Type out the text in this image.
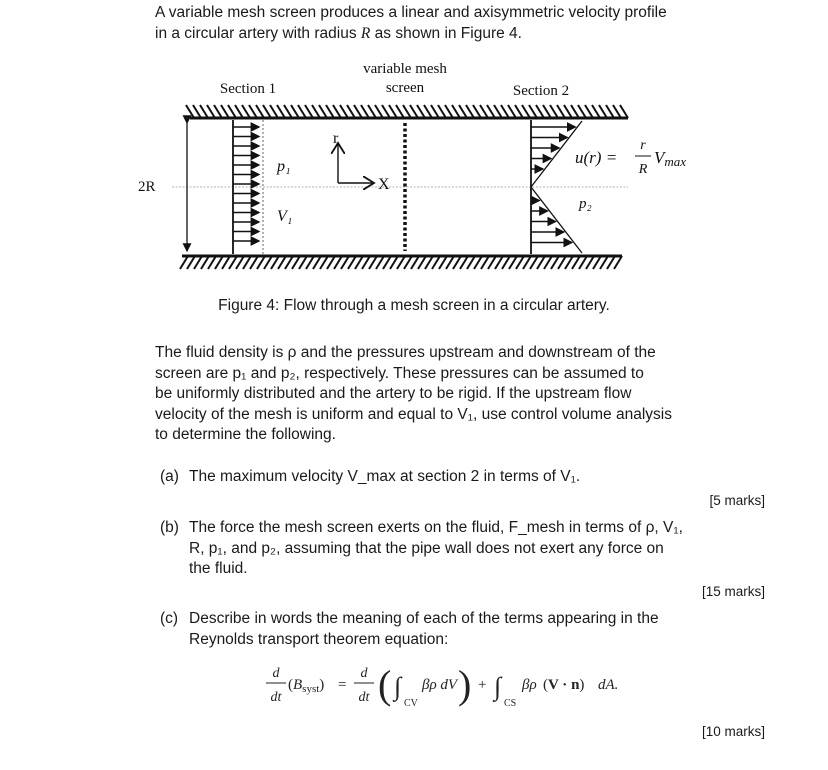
A variable mesh screen produces a linear and axisymmetric velocity profile
in a circular artery with radius R as shown in Figure 4.
variable mesh
screen
Section 1	Section 2
2R
p₁
V₁
r
X
p₂
u(r) =
r
R
Vmax
Figure 4: Flow through a mesh screen in a circular artery.
The fluid density is ρ and the pressures upstream and downstream of the
screen are p₁ and p₂, respectively. These pressures can be assumed to
be uniformly distributed and the artery to be rigid. If the upstream flow
velocity of the mesh is uniform and equal to V₁, use control volume analysis
to determine the following.
(a) The maximum velocity V_max at section 2 in terms of V₁.
[5 marks]
(b) The force the mesh screen exerts on the fluid, F_mesh in terms of ρ, V₁,
R, p₁, and p₂, assuming that the pipe wall does not exert any force on
the fluid.
[15 marks]
(c) Describe in words the meaning of each of the terms appearing in the
Reynolds transport theorem equation:
d
dt
$(B_{syst})$ =
d
dt ( ∫
CV
βρ dV ) + ∫
CS
βρ (V · n) dA.
[10 marks]
